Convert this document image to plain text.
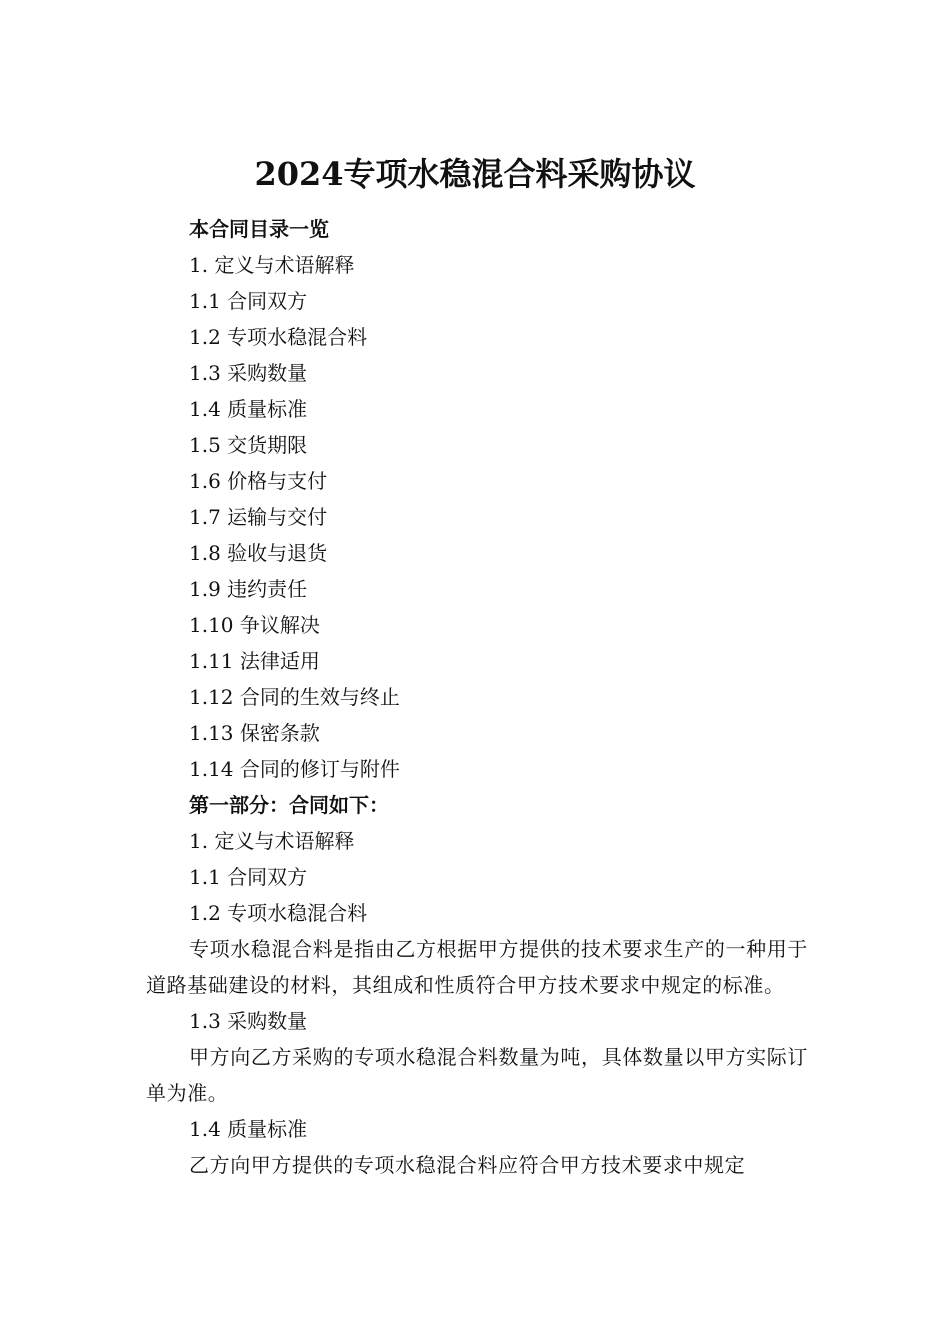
2024专项水稳混合料采购协议
本合同目录一览
1. 定义与术语解释
1.1 合同双方
1.2 专项水稳混合料
1.3 采购数量
1.4 质量标准
1.5 交货期限
1.6 价格与支付
1.7 运输与交付
1.8 验收与退货
1.9 违约责任
1.10 争议解决
1.11 法律适用
1.12 合同的生效与终止
1.13 保密条款
1.14 合同的修订与附件
第一部分：合同如下：
1. 定义与术语解释
1.1 合同双方
1.2 专项水稳混合料
专项水稳混合料是指由乙方根据甲方提供的技术要求生产的一种用于道路基础建设的材料，其组成和性质符合甲方技术要求中规定的标准。
1.3 采购数量
甲方向乙方采购的专项水稳混合料数量为吨，具体数量以甲方实际订单为准。
1.4 质量标准
乙方向甲方提供的专项水稳混合料应符合甲方技术要求中规定
